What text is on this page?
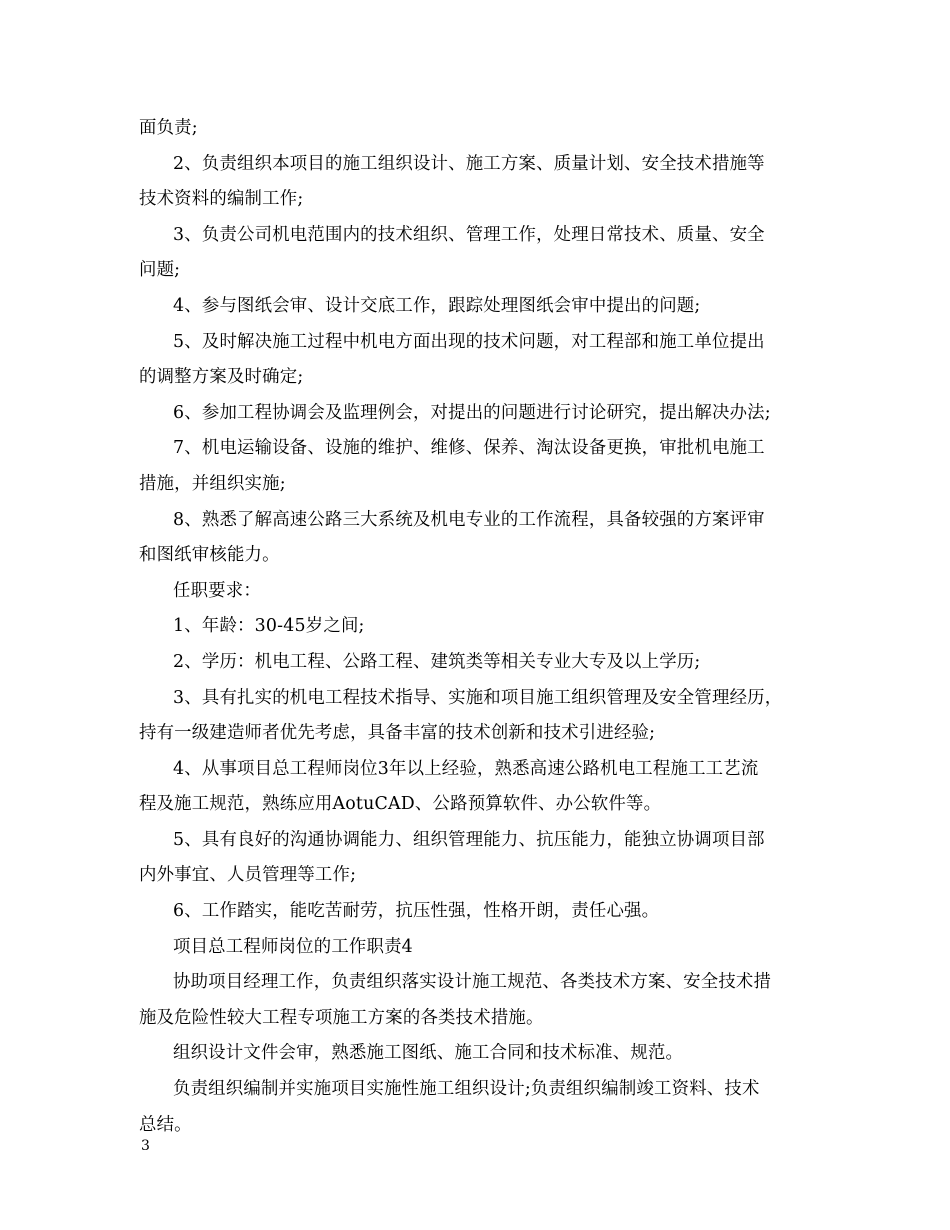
面负责;
2、负责组织本项目的施工组织设计、施工方案、质量计划、安全技术措施等
技术资料的编制工作;
3、负责公司机电范围内的技术组织、管理工作，处理日常技术、质量、安全
问题;
4、参与图纸会审、设计交底工作，跟踪处理图纸会审中提出的问题;
5、及时解决施工过程中机电方面出现的技术问题，对工程部和施工单位提出
的调整方案及时确定;
6、参加工程协调会及监理例会，对提出的问题进行讨论研究，提出解决办法;
7、机电运输设备、设施的维护、维修、保养、淘汰设备更换，审批机电施工
措施，并组织实施;
8、熟悉了解高速公路三大系统及机电专业的工作流程，具备较强的方案评审
和图纸审核能力。
任职要求：
1、年龄：30-45岁之间;
2、学历：机电工程、公路工程、建筑类等相关专业大专及以上学历;
3、具有扎实的机电工程技术指导、实施和项目施工组织管理及安全管理经历，
持有一级建造师者优先考虑，具备丰富的技术创新和技术引进经验;
4、从事项目总工程师岗位3年以上经验，熟悉高速公路机电工程施工工艺流
程及施工规范，熟练应用AotuCAD、公路预算软件、办公软件等。
5、具有良好的沟通协调能力、组织管理能力、抗压能力，能独立协调项目部
内外事宜、人员管理等工作;
6、工作踏实，能吃苦耐劳，抗压性强，性格开朗，责任心强。
项目总工程师岗位的工作职责4
协助项目经理工作，负责组织落实设计施工规范、各类技术方案、安全技术措
施及危险性较大工程专项施工方案的各类技术措施。
组织设计文件会审，熟悉施工图纸、施工合同和技术标准、规范。
负责组织编制并实施项目实施性施工组织设计;负责组织编制竣工资料、技术
总结。
3
